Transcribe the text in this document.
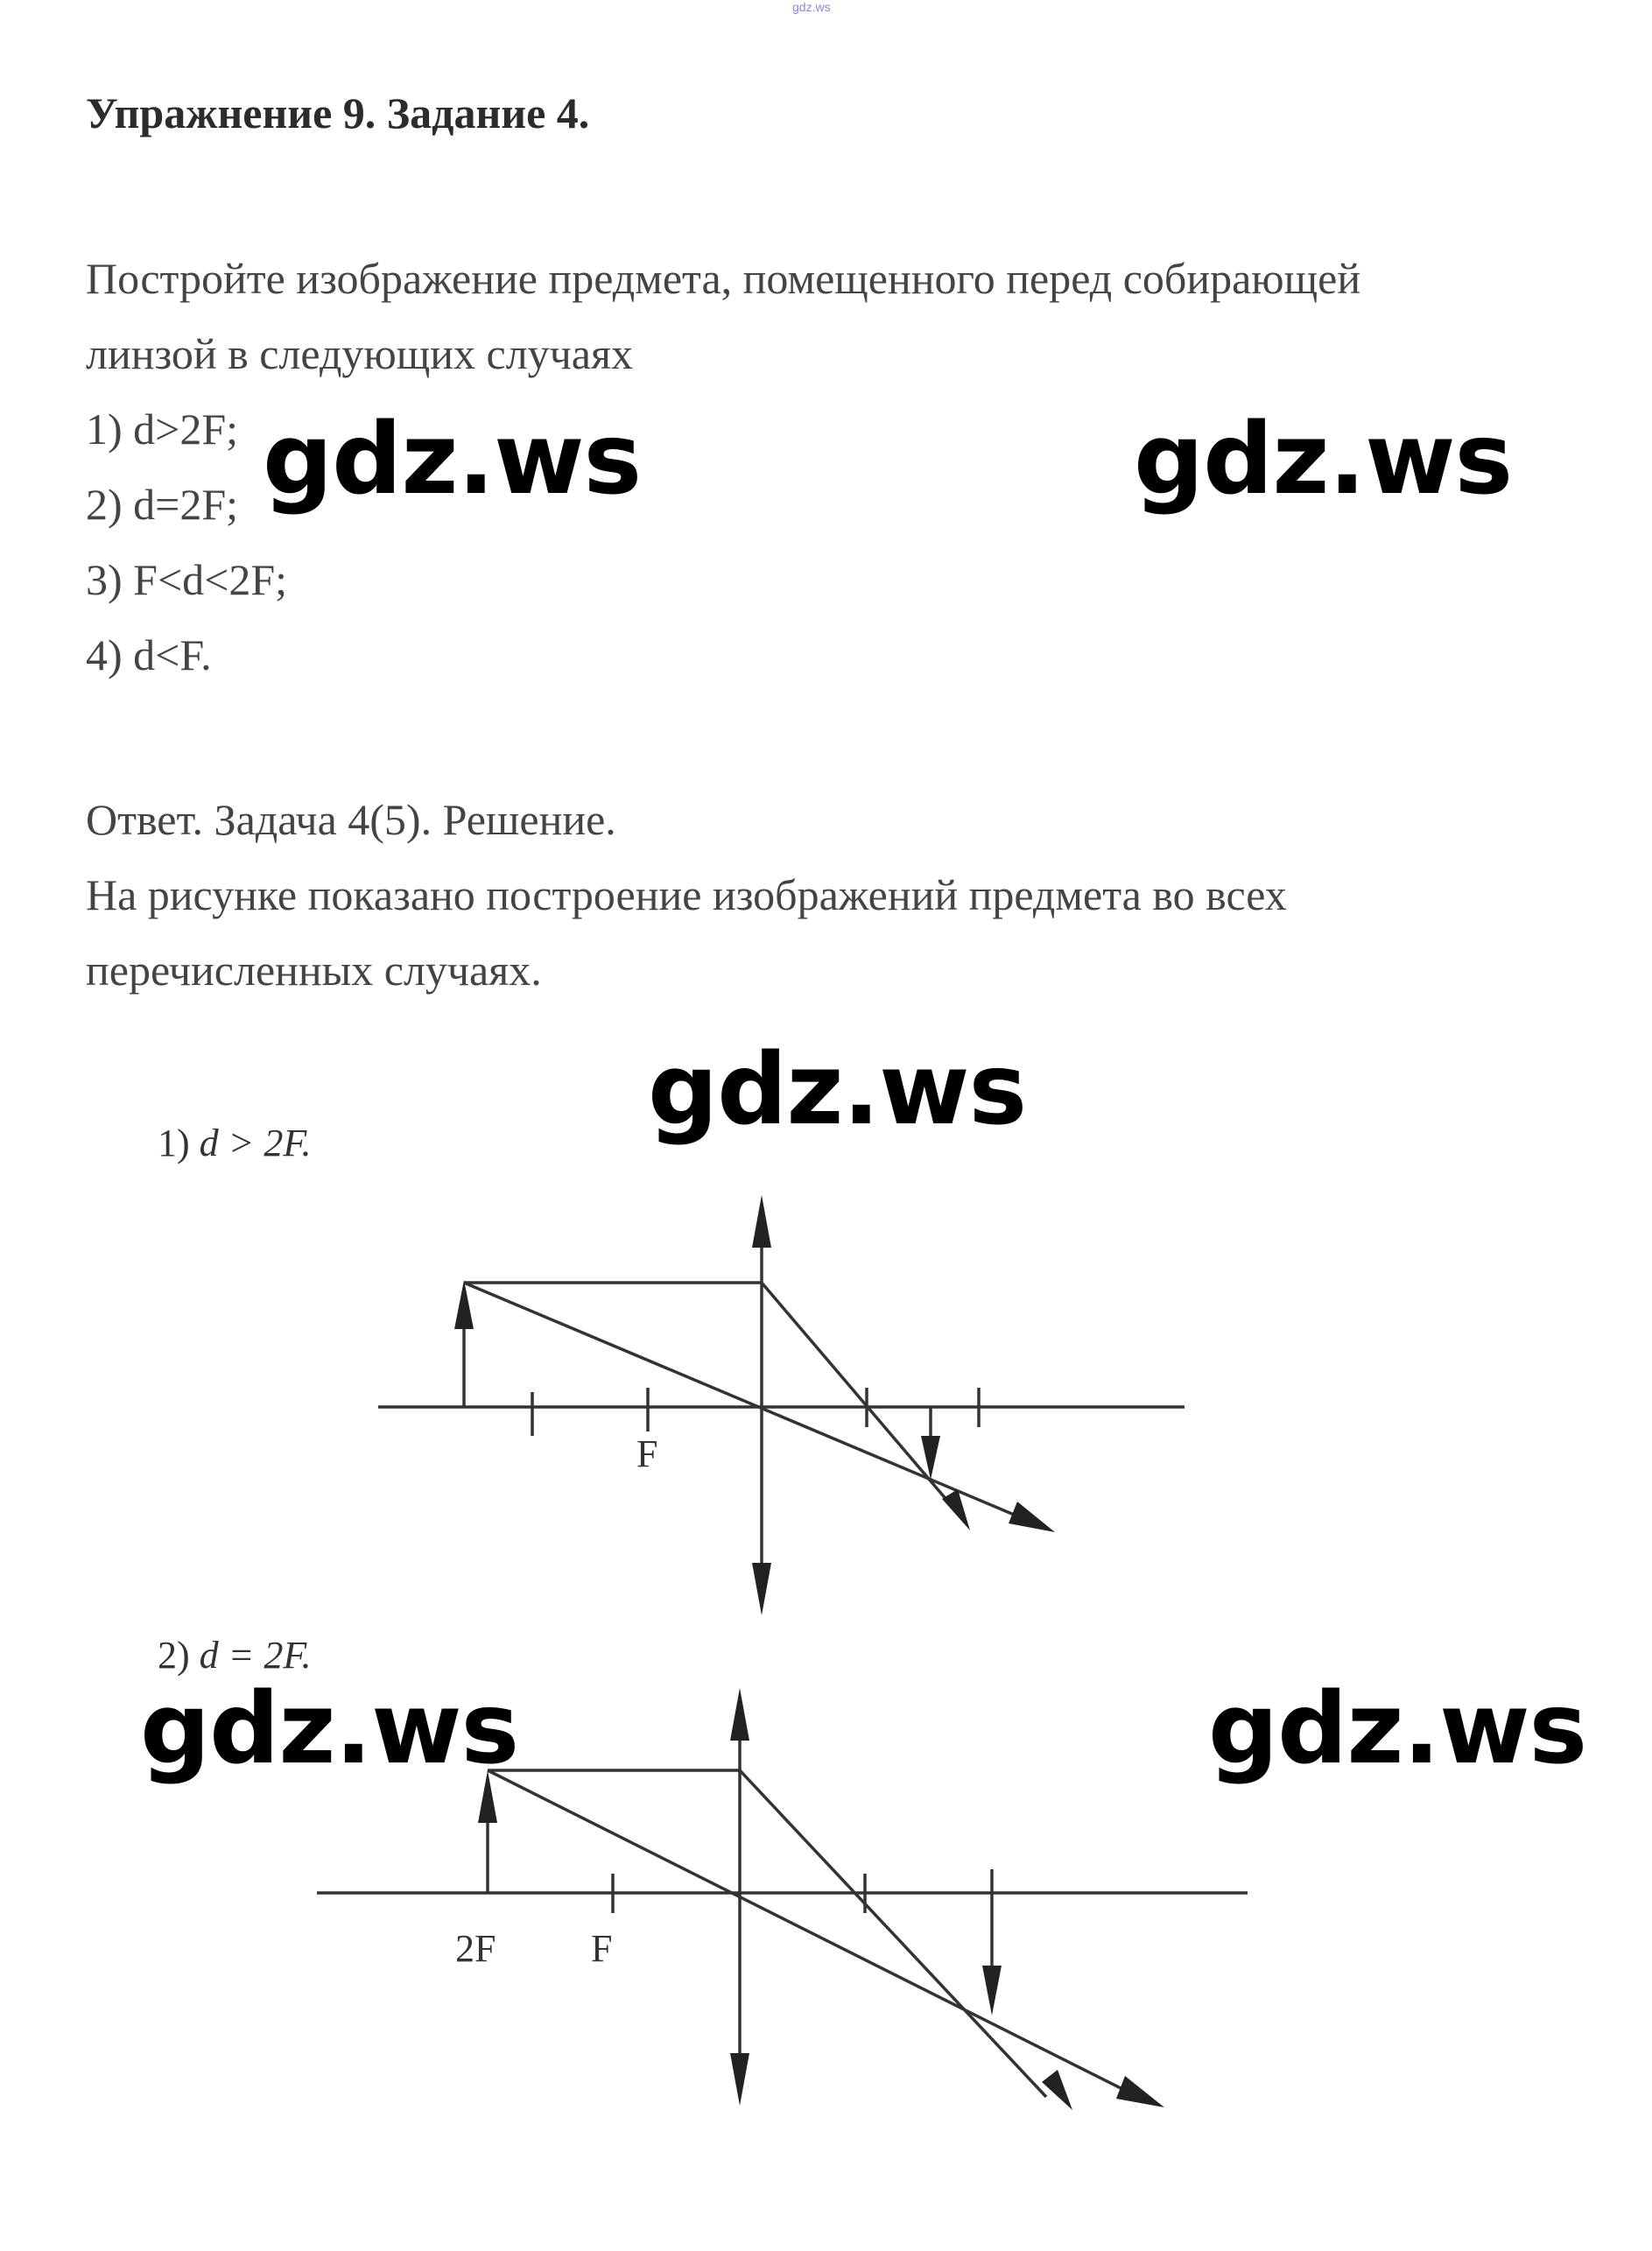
gdz.ws
Упражнение 9. Задание 4.
Постройте изображение предмета, помещенного перед собирающей
линзой в следующих случаях
1) d>2F;
2) d=2F;
3) F<d<2F;
4) d<F.
Ответ. Задача 4(5). Решение.
На рисунке показано построение изображений предмета во всех
перечисленных случаях.
1) d > 2F.
F
2) d = 2F.
2F F
gdz.ws	gdz.ws
gdz.ws
gdz.ws	gdz.ws
